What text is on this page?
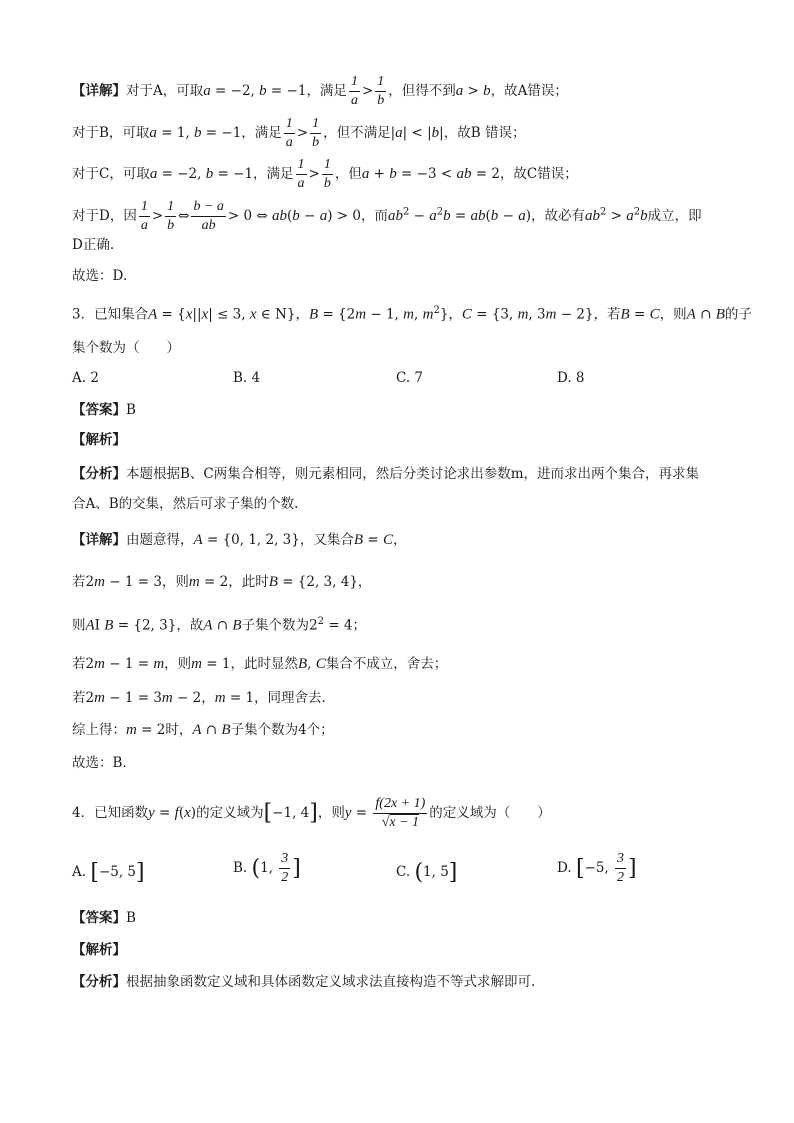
【详解】对于A，可取a = −2, b = −1，满足 $\frac{1}{a} > \frac{1}{b}$ ，但得不到a > b，故A错误；
对于B，可取a = 1, b = −1，满足 $\frac{1}{a} > \frac{1}{b}$ ，但不满足|a| < |b|，故B 错误；
对于C，可取a = −2, b = −1，满足 $\frac{1}{a} > \frac{1}{b}$ ，但a + b = −3 < ab = 2，故C错误；
对于D，因 $\frac{1}{a} > \frac{1}{b}$ ⇔ $\frac{b - a}{ab} > 0$ ⇔ ab(b − a) > 0，而$ab^2 - a^2b = ab(b - a)$，故必有$ab^2 > a^2b$成立，即
D正确.
故选：D.
3．已知集合A = {x||x| ≤ 3, x ∈ N}，B = {2m − 1, m, $m^2$}，C = {3, m, 3m − 2}，若B = C，则A ∩ B的子
集个数为（　　）
A. 2	B. 4	C. 7	D. 8
【答案】B
【解析】
【分析】本题根据B、C两集合相等，则元素相同，然后分类讨论求出参数m，进而求出两个集合，再求集
合A、B的交集，然后可求子集的个数.
【详解】由题意得，A = {0, 1, 2, 3}，又集合B = C，
若2m − 1 = 3，则m = 2，此时B = {2, 3, 4}，
则AI B = {2, 3}，故A ∩ B子集个数为$2^2 = 4$；
若2m − 1 = m，则m = 1，此时显然B, C集合不成立，舍去；
若2m − 1 = 3m − 2，m = 1，同理舍去.
综上得：m = 2时，A ∩ B子集个数为4个；
故选：B.
4．已知函数y = f(x)的定义域为[−1, 4]，则$y = \frac{f(2x + 1)}{√x - 1}$ 的定义域为（　　）
A. [−5, 5]	B. (1, $\frac{3}{2}$ ]	C. (1, 5]	D. [−5, $\frac{3}{2}$ ]
【答案】B
【解析】
【分析】根据抽象函数定义域和具体函数定义域求法直接构造不等式求解即可.
